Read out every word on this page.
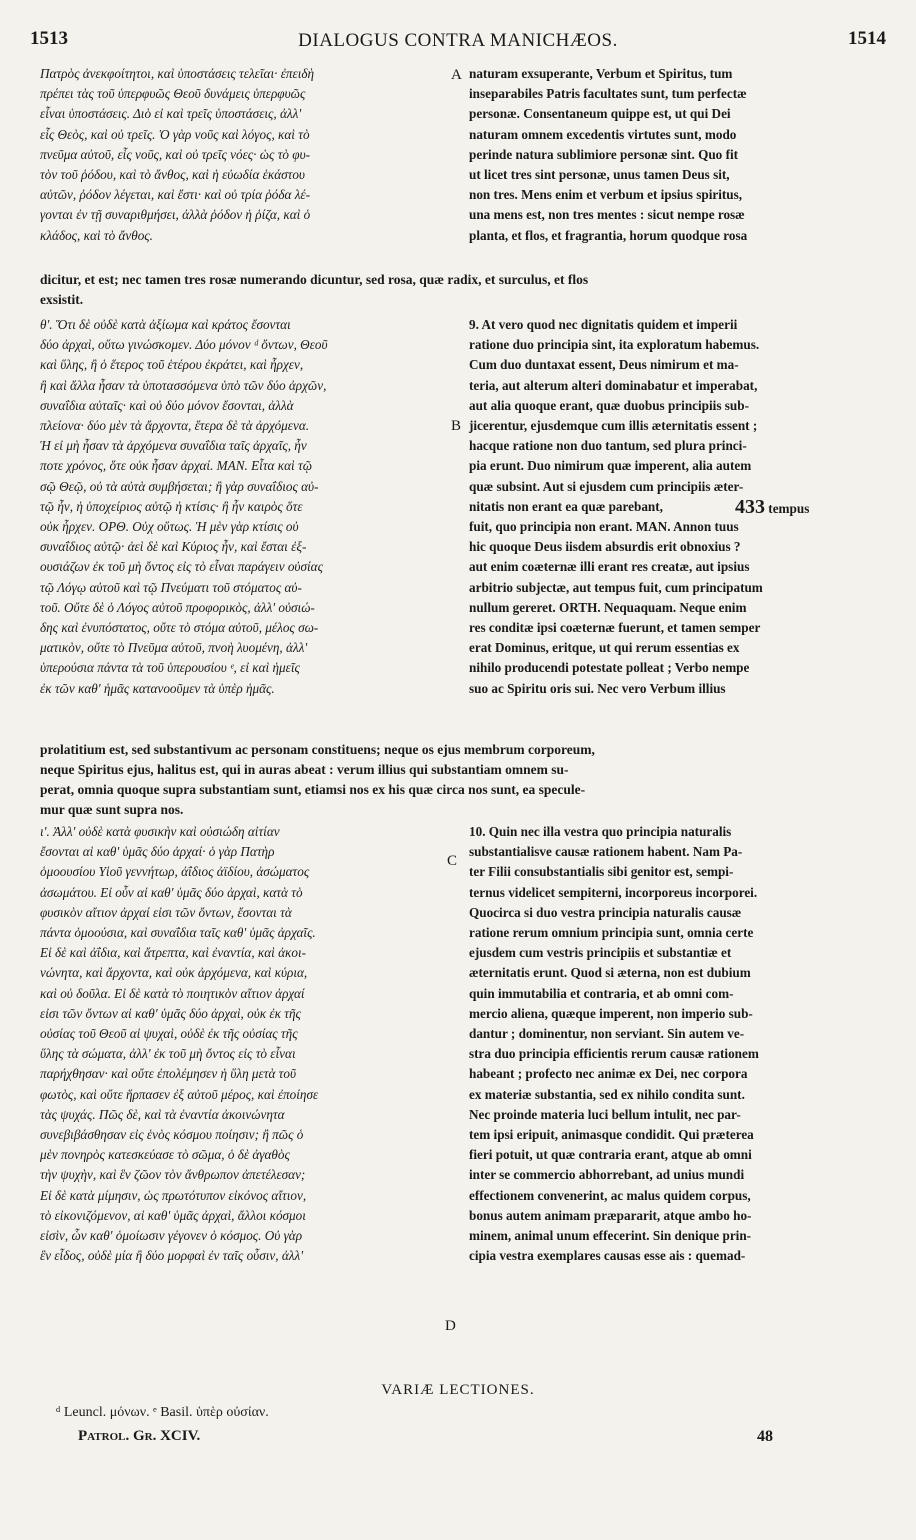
1513	DIALOGUS CONTRA MANICHÆOS.	1514

Πατρὸς ἀνεκφοίτητοι, καὶ ὑποστάσεις τελεῖαι· ἐπειδὴ
πρέπει τὰς τοῦ ὑπερφυῶς Θεοῦ δυνάμεις ὑπερφυῶς
εἶναι ὑποστάσεις. Διὸ εἰ καὶ τρεῖς ὑποστάσεις, ἀλλ'
εἷς Θεὸς, καὶ οὐ τρεῖς. Ὁ γὰρ νοῦς καὶ λόγος, καὶ τὸ
πνεῦμα αὐτοῦ, εἷς νοῦς, καὶ οὐ τρεῖς νόες· ὡς τὸ φυ-
τὸν τοῦ ῥόδου, καὶ τὸ ἄνθος, καὶ ἡ εὐωδία ἑκάστου
αὐτῶν, ῥόδον λέγεται, καὶ ἔστι· καὶ οὐ τρία ῥόδα λέ-
γονται ἐν τῇ συναριθμήσει, ἀλλὰ ῥόδον ἡ ῥίζα, καὶ ὁ
κλάδος, καὶ τὸ ἄνθος.

naturam exsuperante, Verbum et Spiritus, tum
inseparabiles Patris facultates sunt, tum perfectæ
personæ. Consentaneum quippe est, ut qui Dei
naturam omnem excedentis virtutes sunt, modo
perinde natura sublimiore personæ sint. Quo fit
ut licet tres sint personæ, unus tamen Deus sit,
non tres. Mens enim et verbum et ipsius spiritus,
una mens est, non tres mentes : sicut nempe rosæ
planta, et flos, et fragrantia, horum quodque rosa

A

dicitur, et est; nec tamen tres rosæ numerando dicuntur, sed rosa, quæ radix, et surculus, et flos
exsistit.

θ'. Ὅτι δὲ οὐδὲ κατὰ ἀξίωμα καὶ κράτος ἔσονται
δύο ἀρχαὶ, οὕτω γινώσκομεν. Δύο μόνον ᵈ ὄντων, Θεοῦ
καὶ ὕλης, ἢ ὁ ἕτερος τοῦ ἑτέρου ἐκράτει, καὶ ἦρχεν,
ἢ καὶ ἄλλα ἦσαν τὰ ὑποτασσόμενα ὑπὸ τῶν δύο ἀρχῶν,
συναΐδια αὐταῖς· καὶ οὐ δύο μόνον ἔσονται, ἀλλὰ
πλείονα· δύο μὲν τὰ ἄρχοντα, ἕτερα δὲ τὰ ἀρχόμενα.
Ἡ εἰ μὴ ἦσαν τὰ ἀρχόμενα συναΐδια ταῖς ἀρχαῖς, ἦν
ποτε χρόνος, ὅτε οὐκ ἦσαν ἀρχαί. ΜΑΝ. Εἶτα καὶ τῷ
σῷ Θεῷ, οὐ τὰ αὐτὰ συμβήσεται; ἢ γὰρ συναΐδιος αὐ-
τῷ ἦν, ἡ ὑποχείριος αὐτῷ ἡ κτίσις· ἢ ἦν καιρὸς ὅτε
οὐκ ἦρχεν. ΟΡΘ. Οὐχ οὕτως. Ἡ μὲν γὰρ κτίσις οὐ
συναΐδιος αὐτῷ· ἀεὶ δὲ καὶ Κύριος ἦν, καὶ ἔσται ἐξ-
ουσιάζων ἐκ τοῦ μὴ ὄντος εἰς τὸ εἶναι παράγειν οὐσίας
τῷ Λόγῳ αὐτοῦ καὶ τῷ Πνεύματι τοῦ στόματος αὐ-
τοῦ. Οὔτε δὲ ὁ Λόγος αὐτοῦ προφορικὸς, ἀλλ' οὐσιώ-
δης καὶ ἐνυπόστατος, οὔτε τὸ στόμα αὐτοῦ, μέλος σω-
ματικὸν, οὔτε τὸ Πνεῦμα αὐτοῦ, πνοὴ λυομένη, ἀλλ'
ὑπερούσια πάντα τὰ τοῦ ὑπερουσίου ᵉ, εἰ καὶ ἡμεῖς
ἐκ τῶν καθ' ἡμᾶς κατανοοῦμεν τὰ ὑπὲρ ἡμᾶς.

9. At vero quod nec dignitatis quidem et imperii
ratione duo principia sint, ita exploratum habemus.
Cum duo duntaxat essent, Deus nimirum et ma-
teria, aut alterum alteri dominabatur et imperabat,
aut alia quoque erant, quæ duobus principiis sub-
jicerentur, ejusdemque cum illis æternitatis essent ;
hacque ratione non duo tantum, sed plura princi-
pia erunt. Duo nimirum quæ imperent, alia autem
quæ subsint. Aut si ejusdem cum principiis æter-
nitatis non erant ea quæ parebant,	433 tempus

fuit, quo principia non erant. MAN. Annon tuus
hic quoque Deus iisdem absurdis erit obnoxius ?
aut enim coæternæ illi erant res creatæ, aut ipsius
arbitrio subjectæ, aut tempus fuit, cum principatum
nullum gereret. ORTH. Nequaquam. Neque enim
res conditæ ipsi coæternæ fuerunt, et tamen semper
erat Dominus, eritque, ut qui rerum essentias ex
nihilo producendi potestate polleat ; Verbo nempe
suo ac Spiritu oris sui. Nec vero Verbum illius

B

prolatitium est, sed substantivum ac personam constituens; neque os ejus membrum corporeum,
neque Spiritus ejus, halitus est, qui in auras abeat : verum illius qui substantiam omnem su-
perat, omnia quoque supra substantiam sunt, etiamsi nos ex his quæ circa nos sunt, ea specule-
mur quæ sunt supra nos.

ι'. Ἀλλ' οὐδὲ κατὰ φυσικὴν καὶ οὐσιώδη αἰτίαν
ἔσονται αἱ καθ' ὑμᾶς δύο ἀρχαί· ὁ γὰρ Πατὴρ
ὁμοουσίου Υἱοῦ γεννήτωρ, ἀΐδιος ἀϊδίου, ἀσώματος
ἀσωμάτου. Εἰ οὖν αἱ καθ' ὑμᾶς δύο ἀρχαὶ, κατὰ τὸ
φυσικὸν αἴτιον ἀρχαί εἰσι τῶν ὄντων, ἔσονται τὰ
πάντα ὁμοούσια, καὶ συναΐδια ταῖς καθ' ὑμᾶς ἀρχαῖς.
Εἰ δὲ καὶ ἀΐδια, καὶ ἄτρεπτα, καὶ ἐναντία, καὶ ἀκοι-
νώνητα, καὶ ἄρχοντα, καὶ οὐκ ἀρχόμενα, καὶ κύρια,
καὶ οὐ δοῦλα. Εἰ δὲ κατὰ τὸ ποιητικὸν αἴτιον ἀρχαί
εἰσι τῶν ὄντων αἱ καθ' ὑμᾶς δύο ἀρχαὶ, οὐκ ἐκ τῆς
οὐσίας τοῦ Θεοῦ αἱ ψυχαὶ, οὐδὲ ἐκ τῆς οὐσίας τῆς
ὕλης τὰ σώματα, ἀλλ' ἐκ τοῦ μὴ ὄντος εἰς τὸ εἶναι
παρήχθησαν· καὶ οὔτε ἐπολέμησεν ἡ ὕλη μετὰ τοῦ
φωτὸς, καὶ οὔτε ἥρπασεν ἐξ αὐτοῦ μέρος, καὶ ἐποίησε
τὰς ψυχάς. Πῶς δὲ, καὶ τὰ ἐναντία ἀκοινώνητα
συνεβιβάσθησαν εἰς ἑνὸς κόσμου ποίησιν; ἢ πῶς ὁ
μὲν πονηρὸς κατεσκεύασε τὸ σῶμα, ὁ δὲ ἀγαθὸς
τὴν ψυχὴν, καὶ ἓν ζῶον τὸν ἄνθρωπον ἀπετέλεσαν;
Εἰ δὲ κατὰ μίμησιν, ὡς πρωτότυπον εἰκόνος αἴτιον,
τὸ εἰκονιζόμενον, αἱ καθ' ὑμᾶς ἀρχαὶ, ἄλλοι κόσμοι
εἰσὶν, ὧν καθ' ὁμοίωσιν γέγονεν ὁ κόσμος. Οὐ γὰρ
ἓν εἶδος, οὐδὲ μία ἢ δύο μορφαὶ ἐν ταῖς οὖσιν, ἀλλ'

10. Quin nec illa vestra quo principia naturalis
substantialisve causæ rationem habent. Nam Pa-
ter Filii consubstantialis sibi genitor est, sempi-
ternus videlicet sempiterni, incorporeus incorporei.
Quocirca si duo vestra principia naturalis causæ
ratione rerum omnium principia sunt, omnia certe
ejusdem cum vestris principiis et substantiæ et
æternitatis erunt. Quod si æterna, non est dubium
quin immutabilia et contraria, et ab omni com-
mercio aliena, quæque imperent, non imperio sub-
dantur ; dominentur, non serviant. Sin autem ve-
stra duo principia efficientis rerum causæ rationem
habeant ; profecto nec animæ ex Dei, nec corpora
ex materiæ substantia, sed ex nihilo condita sunt.
Nec proinde materia luci bellum intulit, nec par-
tem ipsi eripuit, animasque condidit. Qui præterea
fieri potuit, ut quæ contraria erant, atque ab omni
inter se commercio abhorrebant, ad unius mundi
effectionem convenerint, ac malus quidem corpus,
bonus autem animam præpararit, atque ambo ho-
minem, animal unum effecerint. Sin denique prin-
cipia vestra exemplares causas esse ais : quemad-

C
D
VARIÆ LECTIONES.
ᵈ Leuncl. μόνων. ᵉ Basil. ὑπὲρ οὐσίαν.
Patrol. Gr. XCIV.	48
